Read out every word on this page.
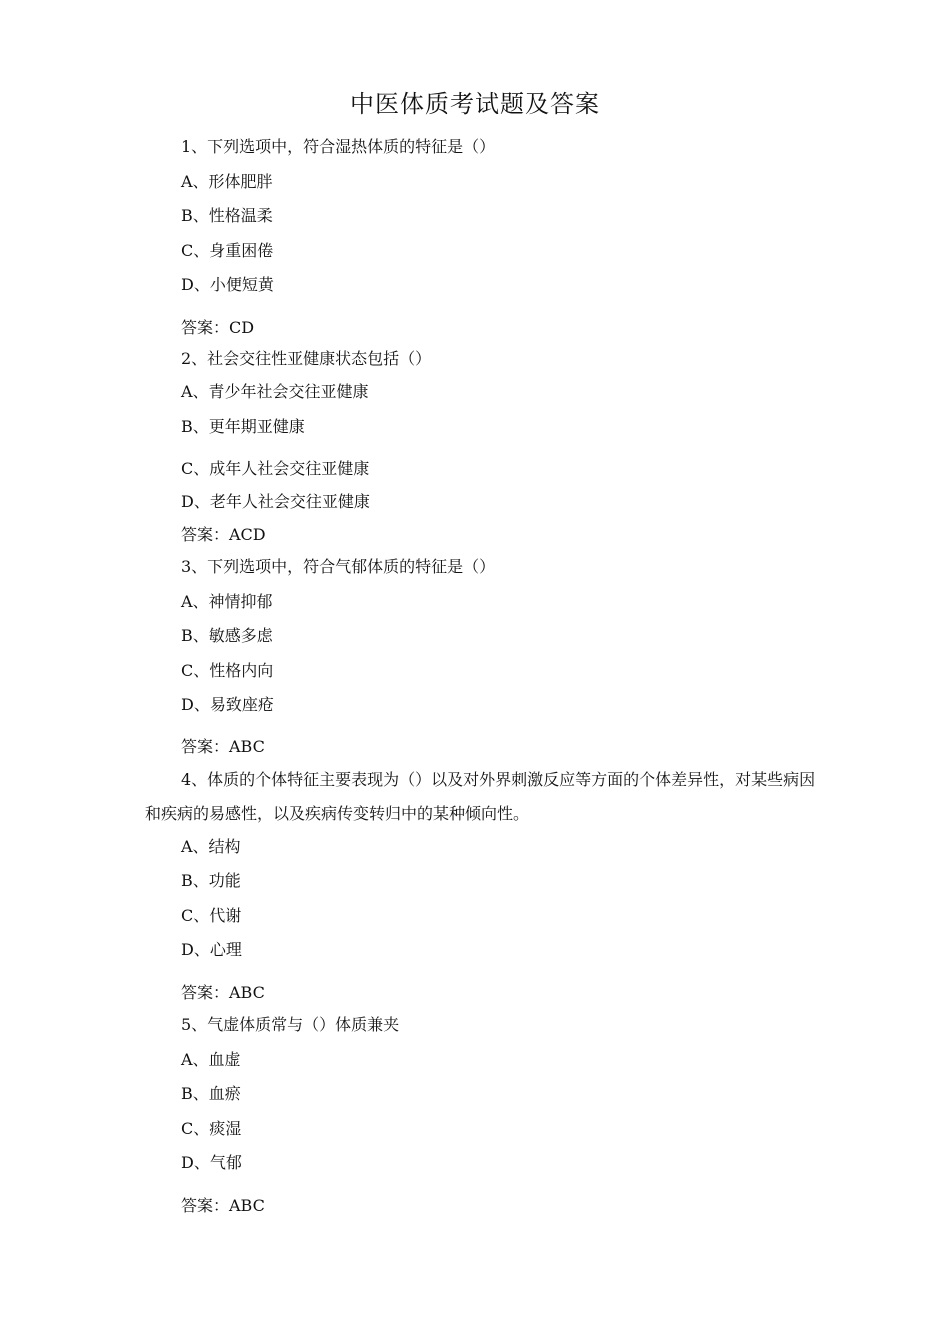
中医体质考试题及答案
1、下列选项中，符合湿热体质的特征是（）
A、形体肥胖
B、性格温柔
C、身重困倦
D、小便短黄
答案：CD
2、社会交往性亚健康状态包括（）
A、青少年社会交往亚健康
B、更年期亚健康
C、成年人社会交往亚健康
D、老年人社会交往亚健康
答案：ACD
3、下列选项中，符合气郁体质的特征是（）
A、神情抑郁
B、敏感多虑
C、性格内向
D、易致座疮
答案：ABC
4、体质的个体特征主要表现为（）以及对外界刺激反应等方面的个体差异性，对某些病因和疾病的易感性，以及疾病传变转归中的某种倾向性。
A、结构
B、功能
C、代谢
D、心理
答案：ABC
5、气虚体质常与（）体质兼夹
A、血虚
B、血瘀
C、痰湿
D、气郁
答案：ABC
